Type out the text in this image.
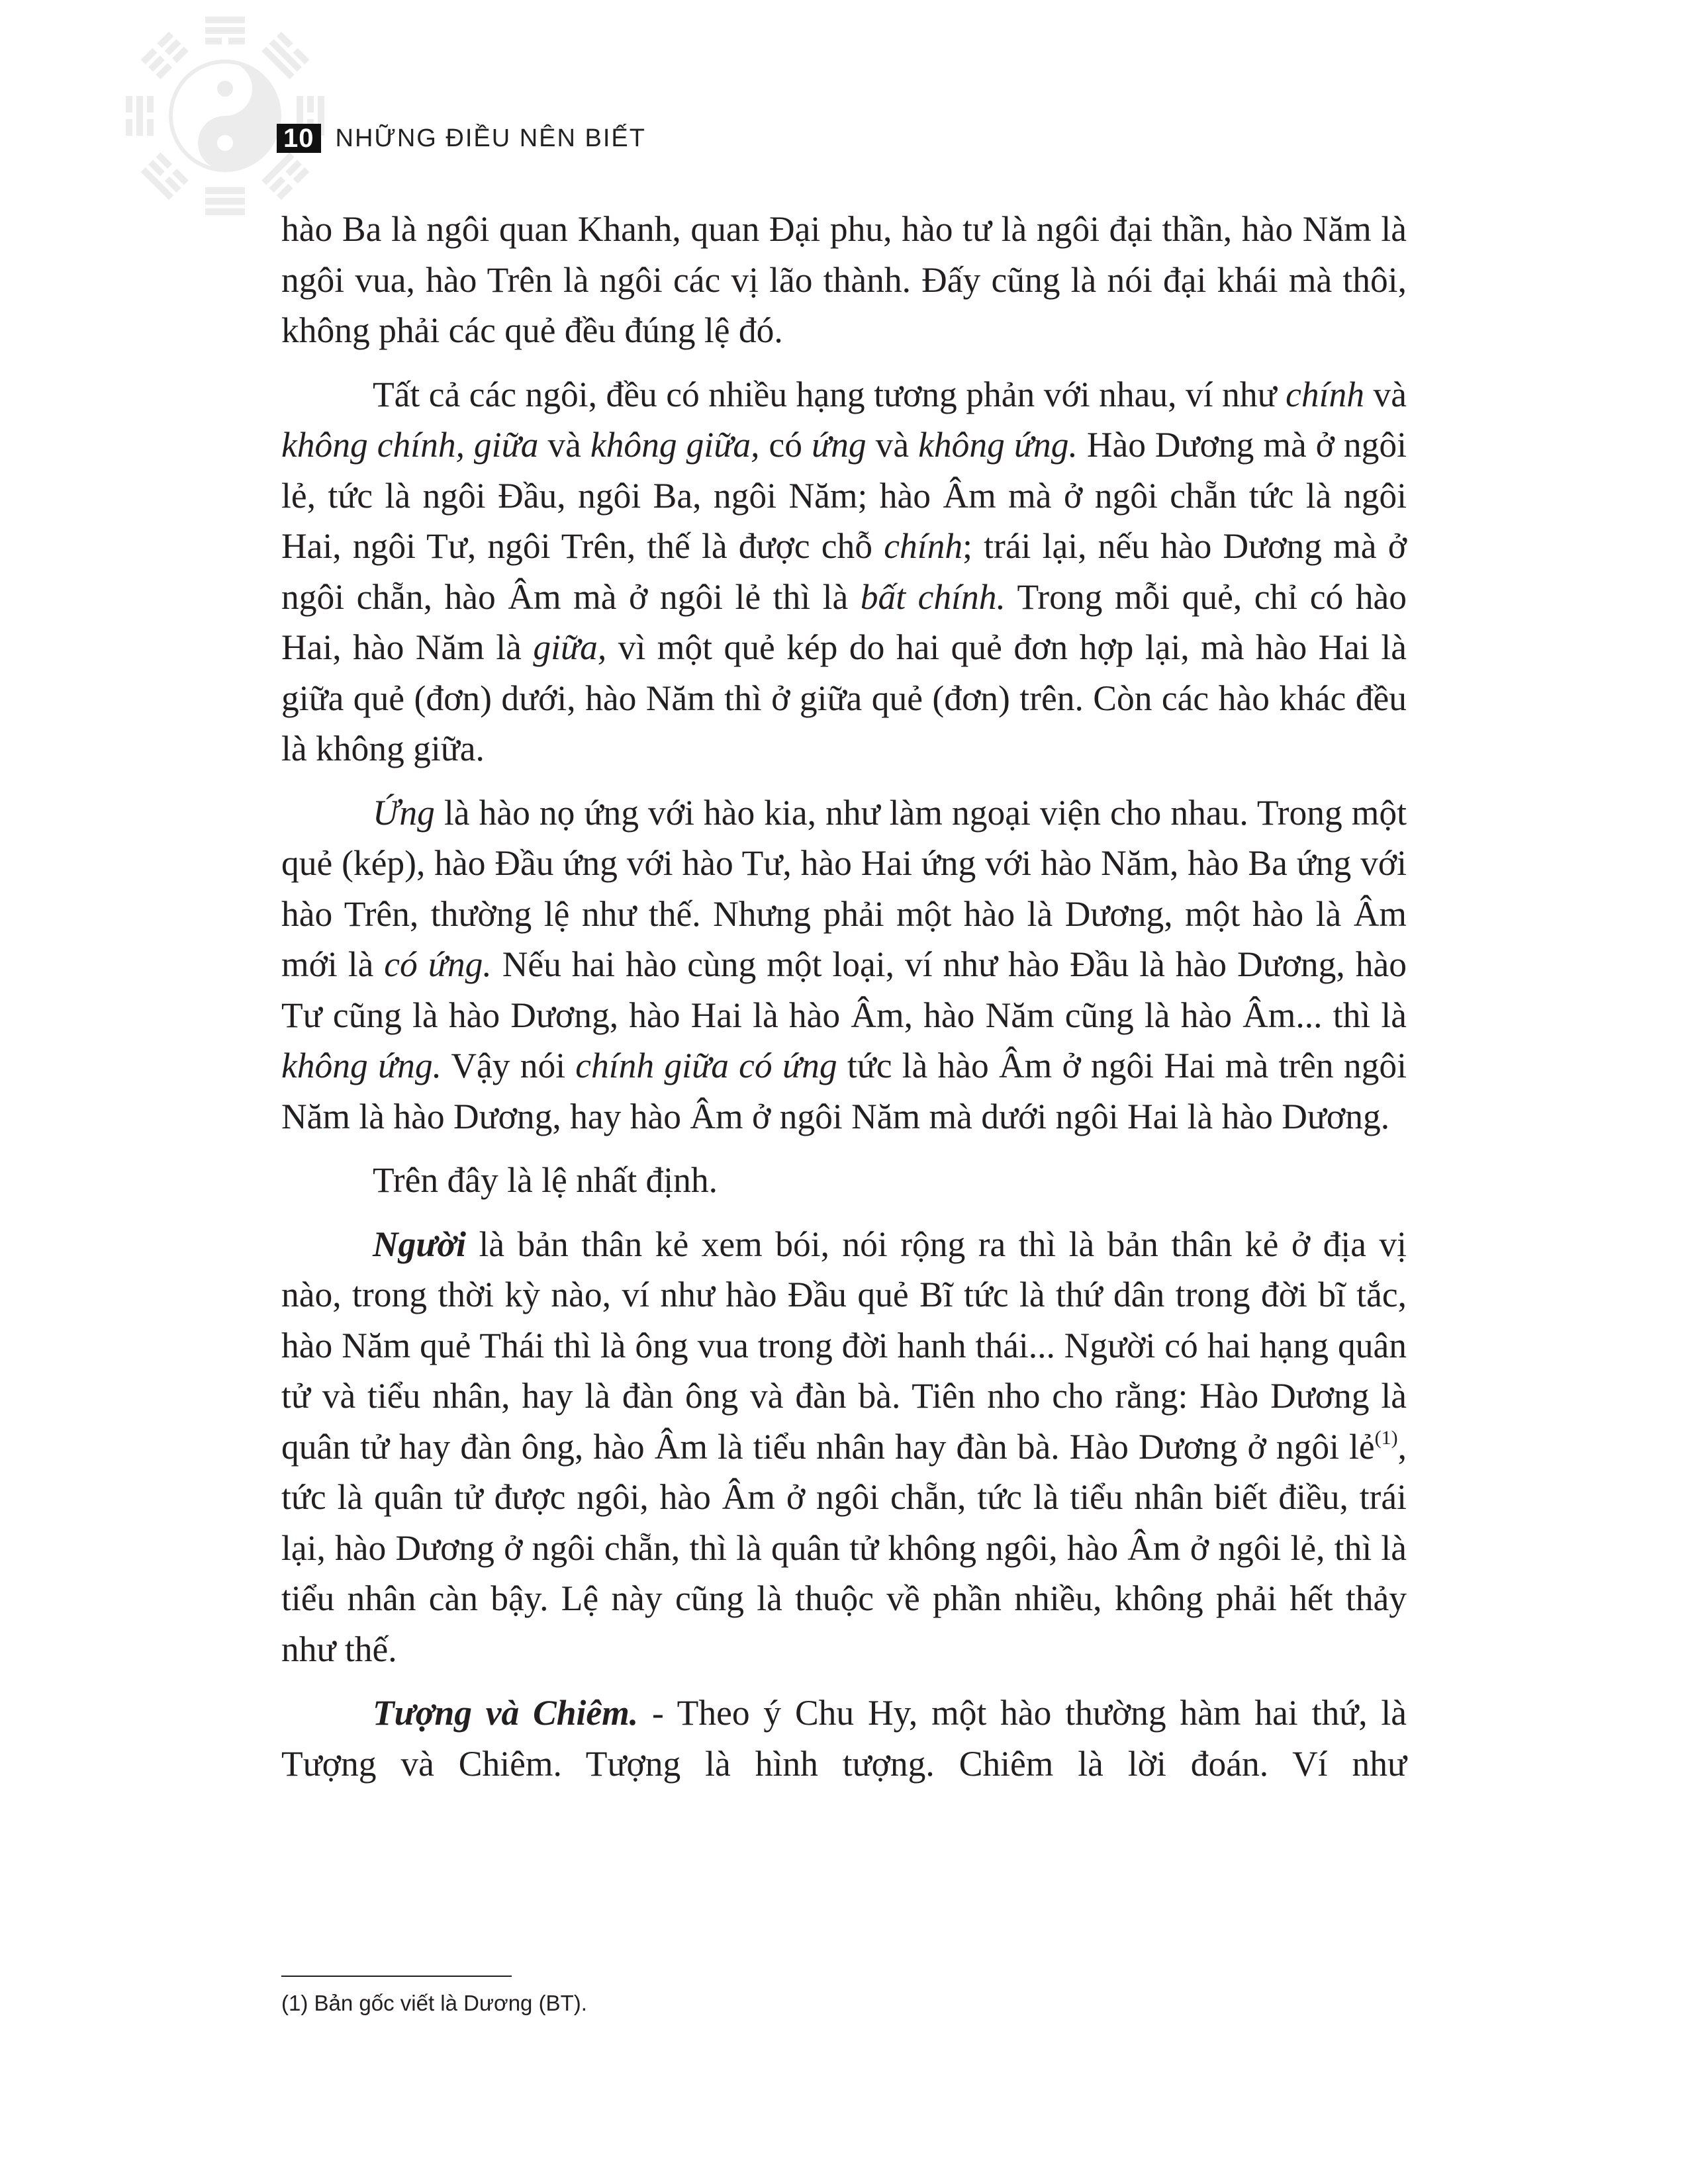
10 NHỮNG ĐIỀU NÊN BIẾT

hào Ba là ngôi quan Khanh, quan Đại phu, hào tư là ngôi đại thần, hào Năm là ngôi vua, hào Trên là ngôi các vị lão thành. Đấy cũng là nói đại khái mà thôi, không phải các quẻ đều đúng lệ đó.

Tất cả các ngôi, đều có nhiều hạng tương phản với nhau, ví như chính và không chính, giữa và không giữa, có ứng và không ứng. Hào Dương mà ở ngôi lẻ, tức là ngôi Đầu, ngôi Ba, ngôi Năm; hào Âm mà ở ngôi chẵn tức là ngôi Hai, ngôi Tư, ngôi Trên, thế là được chỗ chính; trái lại, nếu hào Dương mà ở ngôi chẵn, hào Âm mà ở ngôi lẻ thì là bất chính. Trong mỗi quẻ, chỉ có hào Hai, hào Năm là giữa, vì một quẻ kép do hai quẻ đơn hợp lại, mà hào Hai là giữa quẻ (đơn) dưới, hào Năm thì ở giữa quẻ (đơn) trên. Còn các hào khác đều là không giữa.

Ứng là hào nọ ứng với hào kia, như làm ngoại viện cho nhau. Trong một quẻ (kép), hào Đầu ứng với hào Tư, hào Hai ứng với hào Năm, hào Ba ứng với hào Trên, thường lệ như thế. Nhưng phải một hào là Dương, một hào là Âm mới là có ứng. Nếu hai hào cùng một loại, ví như hào Đầu là hào Dương, hào Tư cũng là hào Dương, hào Hai là hào Âm, hào Năm cũng là hào Âm... thì là không ứng. Vậy nói chính giữa có ứng tức là hào Âm ở ngôi Hai mà trên ngôi Năm là hào Dương, hay hào Âm ở ngôi Năm mà dưới ngôi Hai là hào Dương.

Trên đây là lệ nhất định.

Người là bản thân kẻ xem bói, nói rộng ra thì là bản thân kẻ ở địa vị nào, trong thời kỳ nào, ví như hào Đầu quẻ Bĩ tức là thứ dân trong đời bĩ tắc, hào Năm quẻ Thái thì là ông vua trong đời hanh thái... Người có hai hạng quân tử và tiểu nhân, hay là đàn ông và đàn bà. Tiên nho cho rằng: Hào Dương là quân tử hay đàn ông, hào Âm là tiểu nhân hay đàn bà. Hào Dương ở ngôi lẻ$^{(1)}$, tức là quân tử được ngôi, hào Âm ở ngôi chẵn, tức là tiểu nhân biết điều, trái lại, hào Dương ở ngôi chẵn, thì là quân tử không ngôi, hào Âm ở ngôi lẻ, thì là tiểu nhân càn bậy. Lệ này cũng là thuộc về phần nhiều, không phải hết thảy như thế.

Tượng và Chiêm. - Theo ý Chu Hy, một hào thường hàm hai thứ, là Tượng và Chiêm. Tượng là hình tượng. Chiêm là lời đoán. Ví như

(1) Bản gốc viết là Dương (BT).
